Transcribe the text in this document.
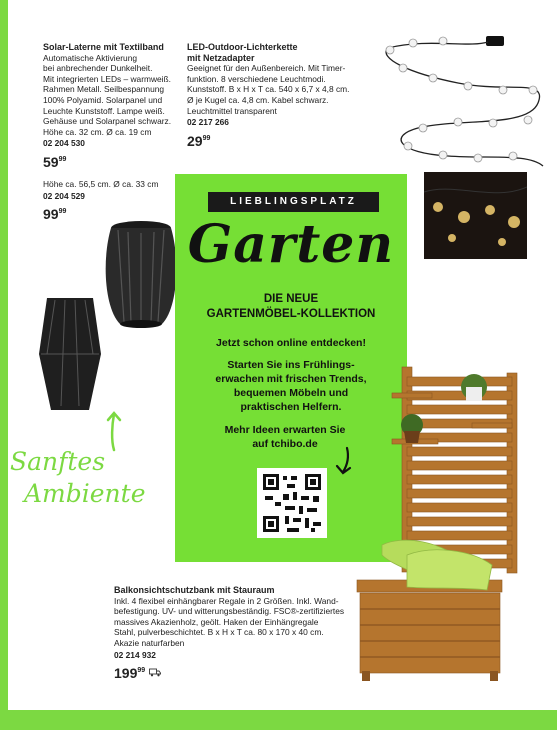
Solar-Laterne mit Textilband
Automatische Aktivierung
bei anbrechender Dunkelheit.
Mit integrierten LEDs – warmweiß.
Rahmen Metall. Seilbespannung
100% Polyamid. Solarpanel und
Leuchte Kunststoff. Lampe weiß.
Gehäuse und Solarpanel schwarz.
Höhe ca. 32 cm. Ø ca. 19 cm
02 204 530
$59^{99}$
Höhe ca. 56,5 cm. Ø ca. 33 cm
02 204 529
$99^{99}$
LED-Outdoor-Lichterkette
mit Netzadapter
Geeignet für den Außenbereich. Mit Timer-
funktion. 8 verschiedene Leuchtmodi.
Kunststoff. B x H x T ca. 540 x 6,7 x 4,8 cm.
Ø je Kugel ca. 4,8 cm. Kabel schwarz.
Leuchtmittel transparent
02 217 266
$29^{99}$
Sanftes
Ambiente
LIEBLINGSPLATZ
Garten
DIE NEUE
GARTENMÖBEL-KOLLEKTION
Jetzt schon online entdecken!
Starten Sie ins Frühlings-
erwachen mit frischen Trends,
bequemen Möbeln und
praktischen Helfern.
Mehr Ideen erwarten Sie
auf tchibo.de
Balkonsichtschutzbank mit Stauraum
Inkl. 4 flexibel einhängbarer Regale in 2 Größen. Inkl. Wand-
befestigung. UV- und witterungsbeständig. FSC®-zertifiziertes
massives Akazienholz, geölt. Haken der Einhängregale
Stahl, pulverbeschichtet. B x H x T ca. 80 x 170 x 40 cm.
Akazie naturfarben
02 214 932
$199^{99}$
